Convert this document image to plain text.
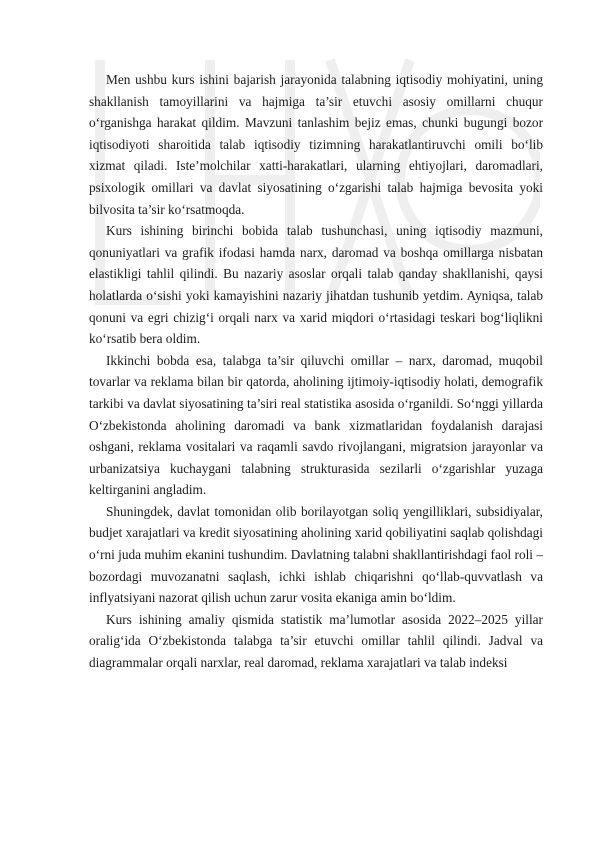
Men ushbu kurs ishini bajarish jarayonida talabning iqtisodiy mohiyatini, uning shakllanish tamoyillarini va hajmiga ta’sir etuvchi asosiy omillarni chuqur o‘rganishga harakat qildim. Mavzuni tanlashim bejiz emas, chunki bugungi bozor iqtisodiyoti sharoitida talab iqtisodiy tizimning harakatlantiruvchi omili bo‘lib xizmat qiladi. Iste’molchilar xatti-harakatlari, ularning ehtiyojlari, daromadlari, psixologik omillari va davlat siyosatining o‘zgarishi talab hajmiga bevosita yoki bilvosita ta’sir ko‘rsatmoqda.

Kurs ishining birinchi bobida talab tushunchasi, uning iqtisodiy mazmuni, qonuniyatlari va grafik ifodasi hamda narx, daromad va boshqa omillarga nisbatan elastikligi tahlil qilindi. Bu nazariy asoslar orqali talab qanday shakllanishi, qaysi holatlarda o‘sishi yoki kamayishini nazariy jihatdan tushunib yetdim. Ayniqsa, talab qonuni va egri chizig‘i orqali narx va xarid miqdori o‘rtasidagi teskari bog‘liqlikni ko‘rsatib bera oldim.

Ikkinchi bobda esa, talabga ta’sir qiluvchi omillar – narx, daromad, muqobil tovarlar va reklama bilan bir qatorda, aholining ijtimoiy-iqtisodiy holati, demografik tarkibi va davlat siyosatining ta’siri real statistika asosida o‘rganildi. So‘nggi yillarda O‘zbekistonda aholining daromadi va bank xizmatlaridan foydalanish darajasi oshgani, reklama vositalari va raqamli savdo rivojlangani, migratsion jarayonlar va urbanizatsiya kuchaygani talabning strukturasida sezilarli o‘zgarishlar yuzaga keltirganini angladim.

Shuningdek, davlat tomonidan olib borilayotgan soliq yengilliklari, subsidiyalar, budjet xarajatlari va kredit siyosatining aholining xarid qobiliyatini saqlab qolishdagi o‘rni juda muhim ekanini tushundim. Davlatning talabni shakllantirishdagi faol roli – bozordagi muvozanatni saqlash, ichki ishlab chiqarishni qo‘llab-quvvatlash va inflyatsiyani nazorat qilish uchun zarur vosita ekaniga amin bo‘ldim.

Kurs ishining amaliy qismida statistik ma’lumotlar asosida 2022–2025 yillar oralig‘ida O‘zbekistonda talabga ta’sir etuvchi omillar tahlil qilindi. Jadval va diagrammalar orqali narxlar, real daromad, reklama xarajatlari va talab indeksi
